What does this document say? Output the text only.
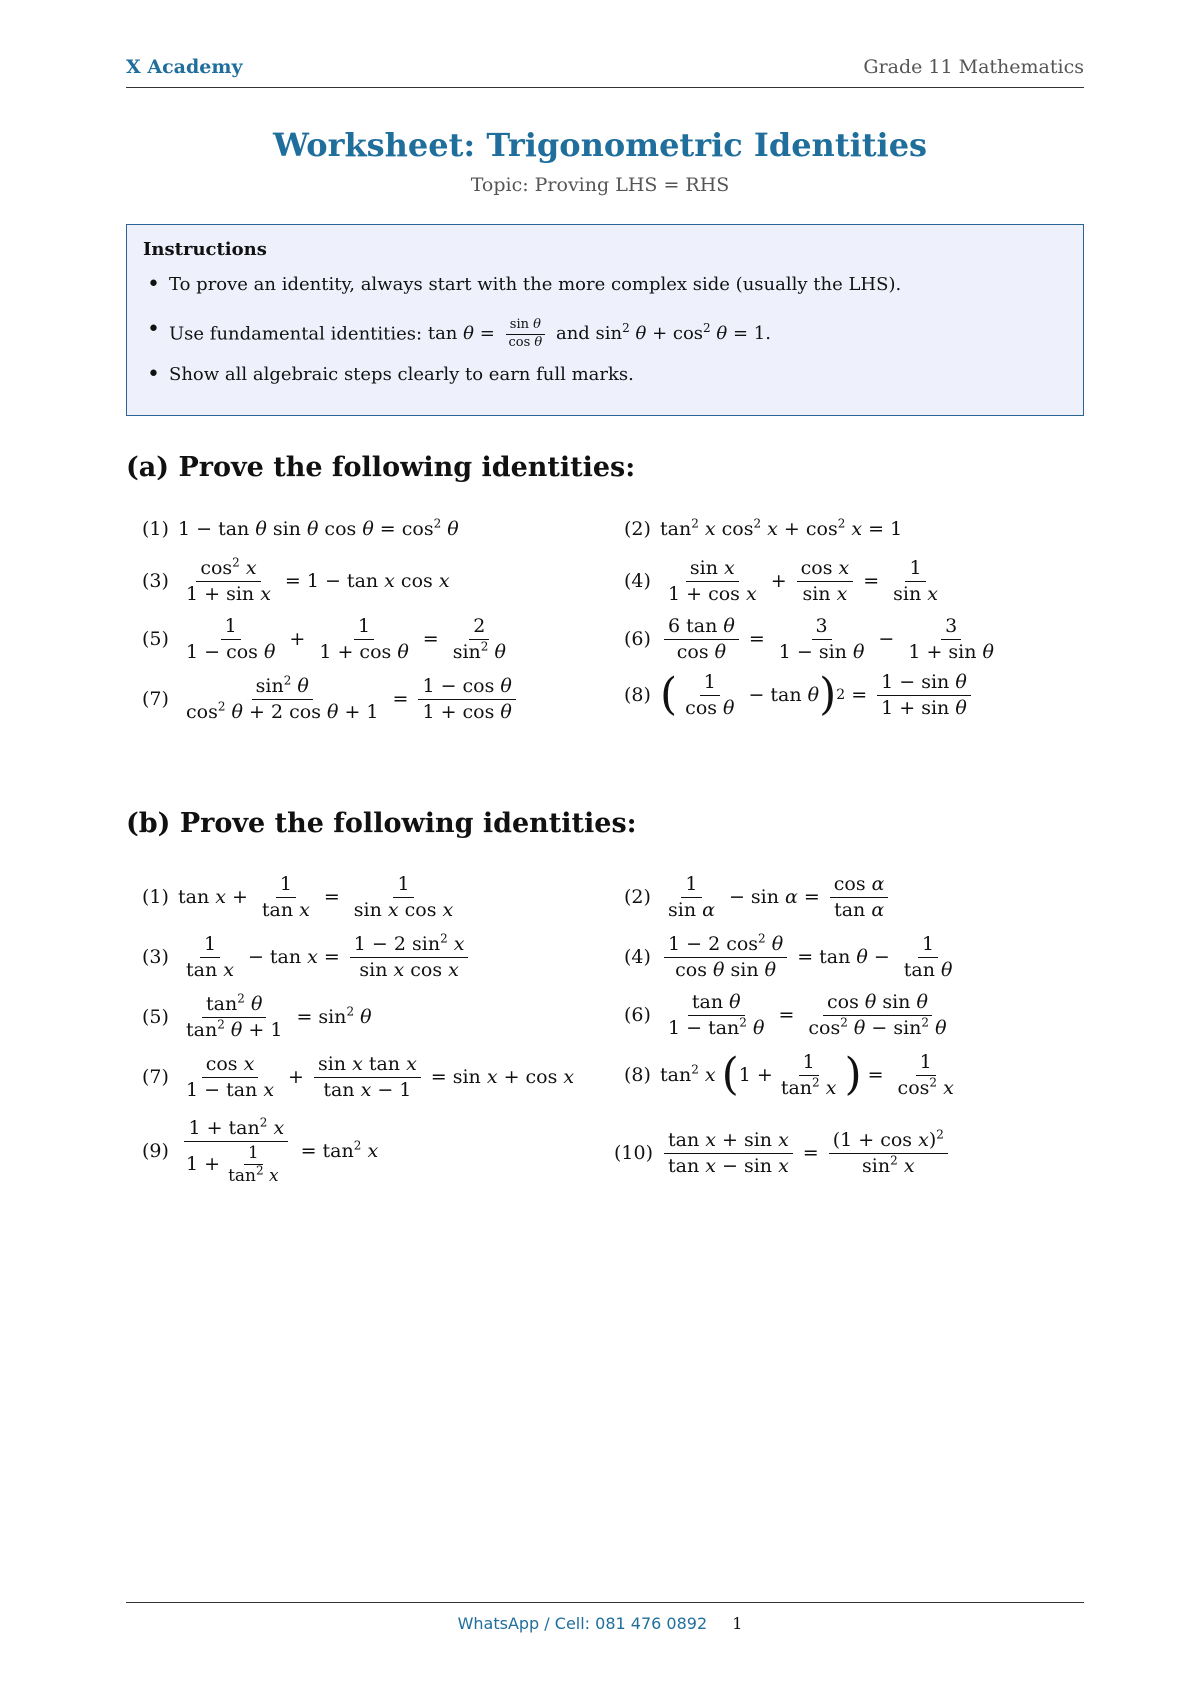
X Academy	Grade 11 Mathematics
Worksheet: Trigonometric Identities
Topic: Proving LHS = RHS
Instructions
• To prove an identity, always start with the more complex side (usually the LHS).
• Use fundamental identities: $\tan \theta = \frac{\text{sin θ}}{\text{cos θ}}$ and $\sin^2 \theta + \cos^2 \theta = 1$.
• Show all algebraic steps clearly to earn full marks.
(a) Prove the following identities:
(1) 1 − tan θ sin θ $\cos \theta = \cos^2 \theta$
$(3) \frac{\cos^2 x}{\text{1 + sin x}} = 1 - \tan x$ cos x
$(5) \frac{1}{\text{1 − cos θ}} + \frac{1}{\text{1 + cos θ}} = \frac{2}{\sin^2 \theta}$
$(7) \frac{\sin^2 \theta}{\cos^2 \theta + 2 \cos \theta + 1} = \frac{\text{1 − cos θ}}{\text{1 + cos θ}}$
(2) $\tan^2 x$ $\cos^2 x + \cos^2 x = 1$
$(4) \frac{\text{sin x}}{\text{1 + cos x}} + \frac{\text{cos x}}{\text{sin x}} = \frac{1}{\text{sin x}}$
$(6) \frac{\text{6 tan θ}}{\text{cos θ}} = \frac{3}{\text{1 − sin θ}} - \frac{3}{\text{1 + sin θ}}$
(8) ( $\frac{1}{\text{cos θ}} - \tan \theta$ ) $2 = \frac{\text{1 − sin θ}}{\text{1 + sin θ}}$
(b) Prove the following identities:
(1) $\tan x + \frac{1}{\text{tan x}} = \frac{1}{\text{sin x cos x}}$
$(3) \frac{1}{\text{tan x}} - \tan x = \frac{1 - 2 \sin^2 x}{\text{sin x cos x}}$
$(5) \frac{\tan^2 \theta}{\tan^2 \theta + 1} = \sin^2 \theta$
$(7) \frac{\text{cos x}}{\text{1 − tan x}} + \frac{\text{sin x tan x}}{\text{tan x − 1}} = \sin x + \cos x$
$(9) \frac{1 + \tan^2 x}{1 + \frac{1}{\tan^2 x}} = \tan^2 x$
$(2) \frac{1}{\text{sin α}} - \sin \alpha = \frac{\text{cos α}}{\text{tan α}}$
$(4) \frac{1 - 2 \cos^2 \theta}{\text{cos θ sin θ}} = \tan \theta - \frac{1}{\text{tan θ}}$
$(6) \frac{\text{tan θ}}{1 - \tan^2 \theta} = \frac{\text{cos θ sin θ}}{\cos^2 \theta - \sin^2 \theta}$
(8) $\tan^2 x$ ( $1 + \frac{1}{\tan^2 x}$ ) = $\frac{1}{\cos^2 x}$
$(10) \frac{\text{tan x + sin x}}{\text{tan x − sin x}} = \frac{(1 + \cos x)^2}{\sin^2 x}$
WhatsApp / Cell: 081 476 0892 1
